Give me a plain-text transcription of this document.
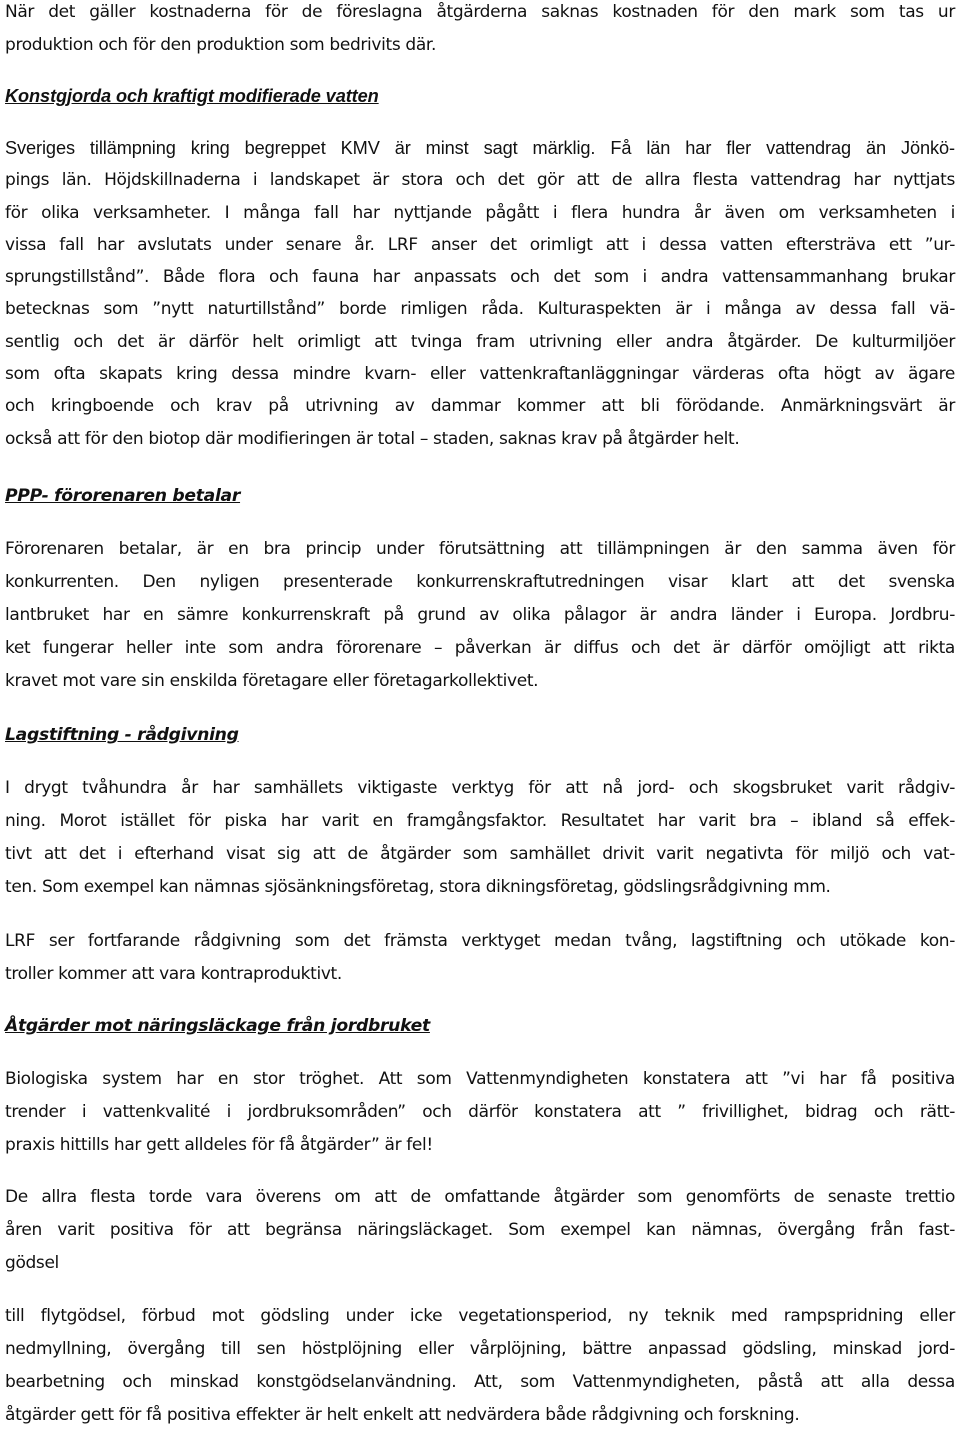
När det gäller kostnaderna för de föreslagna åtgärderna saknas kostnaden för den mark som tas ur
produktion och för den produktion som bedrivits där.
Konstgjorda och kraftigt modifierade vatten
Sveriges tillämpning kring begreppet KMV är minst sagt märklig. Få län har fler vattendrag än Jönkö-
pings län. Höjdskillnaderna i landskapet är stora och det gör att de allra flesta vattendrag har nyttjats
för olika verksamheter. I många fall har nyttjande pågått i flera hundra år även om verksamheten i
vissa fall har avslutats under senare år. LRF anser det orimligt att i dessa vatten eftersträva ett ”ur-
sprungstillstånd”. Både flora och fauna har anpassats och det som i andra vattensammanhang brukar
betecknas som ”nytt naturtillstånd” borde rimligen råda. Kulturaspekten är i många av dessa fall vä-
sentlig och det är därför helt orimligt att tvinga fram utrivning eller andra åtgärder. De kulturmiljöer
som ofta skapats kring dessa mindre kvarn- eller vattenkraftanläggningar värderas ofta högt av ägare
och kringboende och krav på utrivning av dammar kommer att bli förödande. Anmärkningsvärt är
också att för den biotop där modifieringen är total – staden, saknas krav på åtgärder helt.
PPP- förorenaren betalar
Förorenaren betalar, är en bra princip under förutsättning att tillämpningen är den samma även för
konkurrenten. Den nyligen presenterade konkurrenskraftutredningen visar klart att det svenska
lantbruket har en sämre konkurrenskraft på grund av olika pålagor är andra länder i Europa. Jordbru-
ket fungerar heller inte som andra förorenare – påverkan är diffus och det är därför omöjligt att rikta
kravet mot vare sin enskilda företagare eller företagarkollektivet.
Lagstiftning - rådgivning
I drygt tvåhundra år har samhällets viktigaste verktyg för att nå jord- och skogsbruket varit rådgiv-
ning. Morot istället för piska har varit en framgångsfaktor. Resultatet har varit bra – ibland så effek-
tivt att det i efterhand visat sig att de åtgärder som samhället drivit varit negativta för miljö och vat-
ten. Som exempel kan nämnas sjösänkningsföretag, stora dikningsföretag, gödslingsrådgivning mm.
LRF ser fortfarande rådgivning som det främsta verktyget medan tvång, lagstiftning och utökade kon-
troller kommer att vara kontraproduktivt.
Åtgärder mot näringsläckage från jordbruket
Biologiska system har en stor tröghet. Att som Vattenmyndigheten konstatera att ”vi har få positiva
trender i vattenkvalité i jordbruksområden” och därför konstatera att ” frivillighet, bidrag och rätt-
praxis hittills har gett alldeles för få åtgärder” är fel!
De allra flesta torde vara överens om att de omfattande åtgärder som genomförts de senaste trettio
åren varit positiva för att begränsa näringsläckaget. Som exempel kan nämnas, övergång från fast-
gödsel
till flytgödsel, förbud mot gödsling under icke vegetationsperiod, ny teknik med rampspridning eller
nedmyllning, övergång till sen höstplöjning eller vårplöjning, bättre anpassad gödsling, minskad jord-
bearbetning och minskad konstgödselanvändning. Att, som Vattenmyndigheten, påstå att alla dessa
åtgärder gett för få positiva effekter är helt enkelt att nedvärdera både rådgivning och forskning.
